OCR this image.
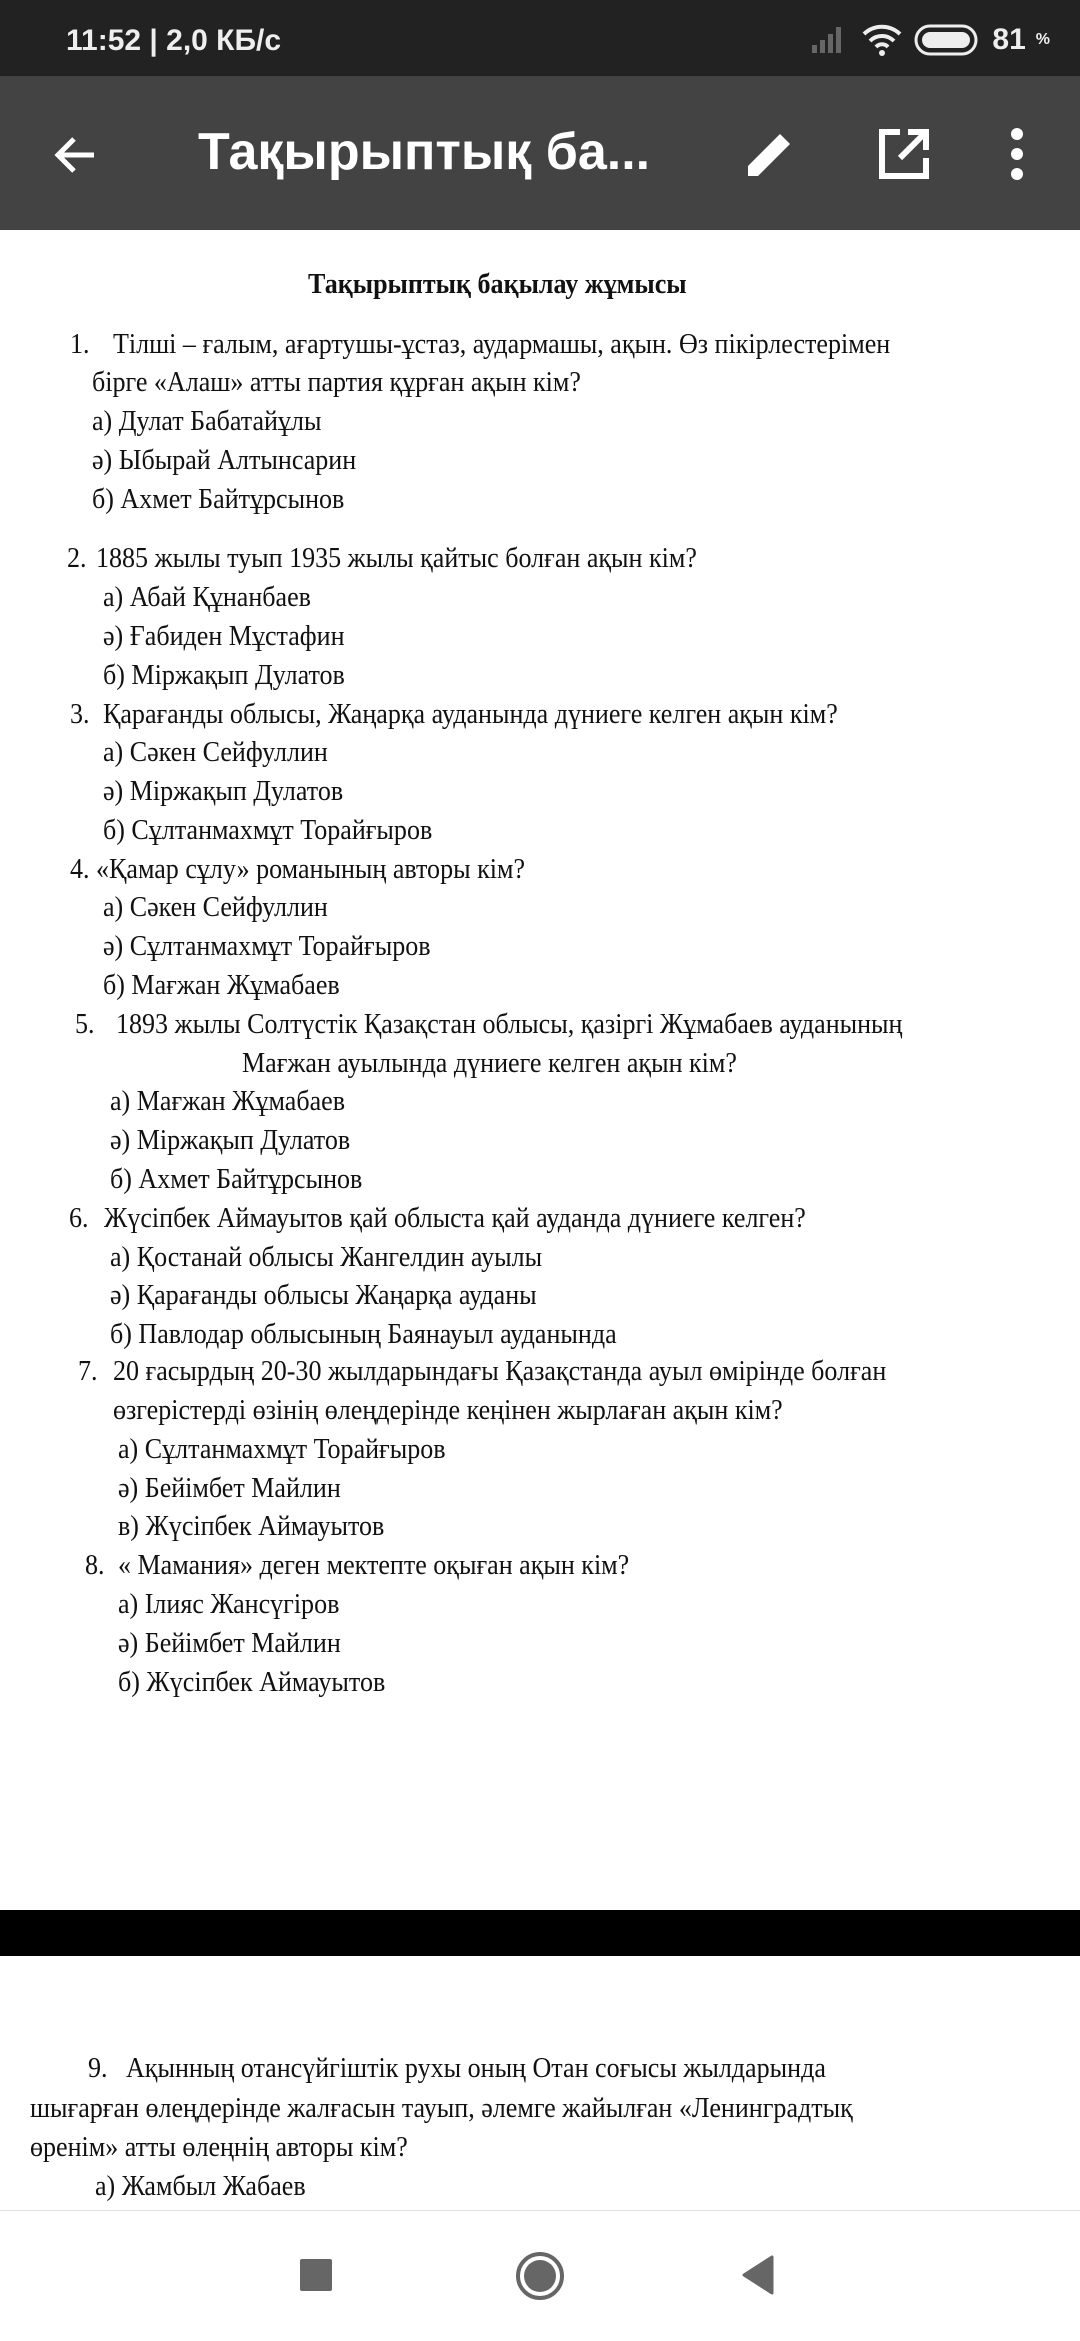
11:52 | 2,0 КБ/с	81 %
Тақырыптық ба...
Тақырыптық бақылау жұмысы
1. Тілші – ғалым, ағартушы-ұстаз, аудармашы, ақын. Өз пікірлестерімен
бірге «Алаш» атты партия құрған ақын кім?
а) Дулат Бабатайұлы
ә) Ыбырай Алтынсарин
б) Ахмет Байтұрсынов
2. 1885 жылы туып 1935 жылы қайтыс болған ақын кім?
а) Абай Құнанбаев
ә) Ғабиден Мұстафин
б) Міржақып Дулатов
3. Қарағанды облысы, Жаңарқа ауданында дүниеге келген ақын кім?
а) Сәкен Сейфуллин
ә) Міржақып Дулатов
б) Сұлтанмахмұт Торайғыров
4. «Қамар сұлу» романының авторы кім?
а) Сәкен Сейфуллин
ә) Сұлтанмахмұт Торайғыров
б) Мағжан Жұмабаев
5. 1893 жылы Солтүстік Қазақстан облысы, қазіргі Жұмабаев ауданының
Мағжан ауылында дүниеге келген ақын кім?
а) Мағжан Жұмабаев
ә) Міржақып Дулатов
б) Ахмет Байтұрсынов
6. Жүсіпбек Аймауытов қай облыста қай ауданда дүниеге келген?
а) Қостанай облысы Жангелдин ауылы
ә) Қарағанды облысы Жаңарқа ауданы
б) Павлодар облысының Баянауыл ауданында
7. 20 ғасырдың 20-30 жылдарындағы Қазақстанда ауыл өмірінде болған
өзгерістерді өзінің өлеңдерінде кеңінен жырлаған ақын кім?
а) Сұлтанмахмұт Торайғыров
ә) Бейімбет Майлин
в) Жүсіпбек Аймауытов
8. « Мамания» деген мектепте оқыған ақын кім?
а) Ілияс Жансүгіров
ә) Бейімбет Майлин
б) Жүсіпбек Аймауытов
9. Ақынның отансүйгіштік рухы оның Отан соғысы жылдарында
шығарған өлеңдерінде жалғасын тауып, әлемге жайылған «Ленинградтық
өренім» атты өлеңнің авторы кім?
а) Жамбыл Жабаев
